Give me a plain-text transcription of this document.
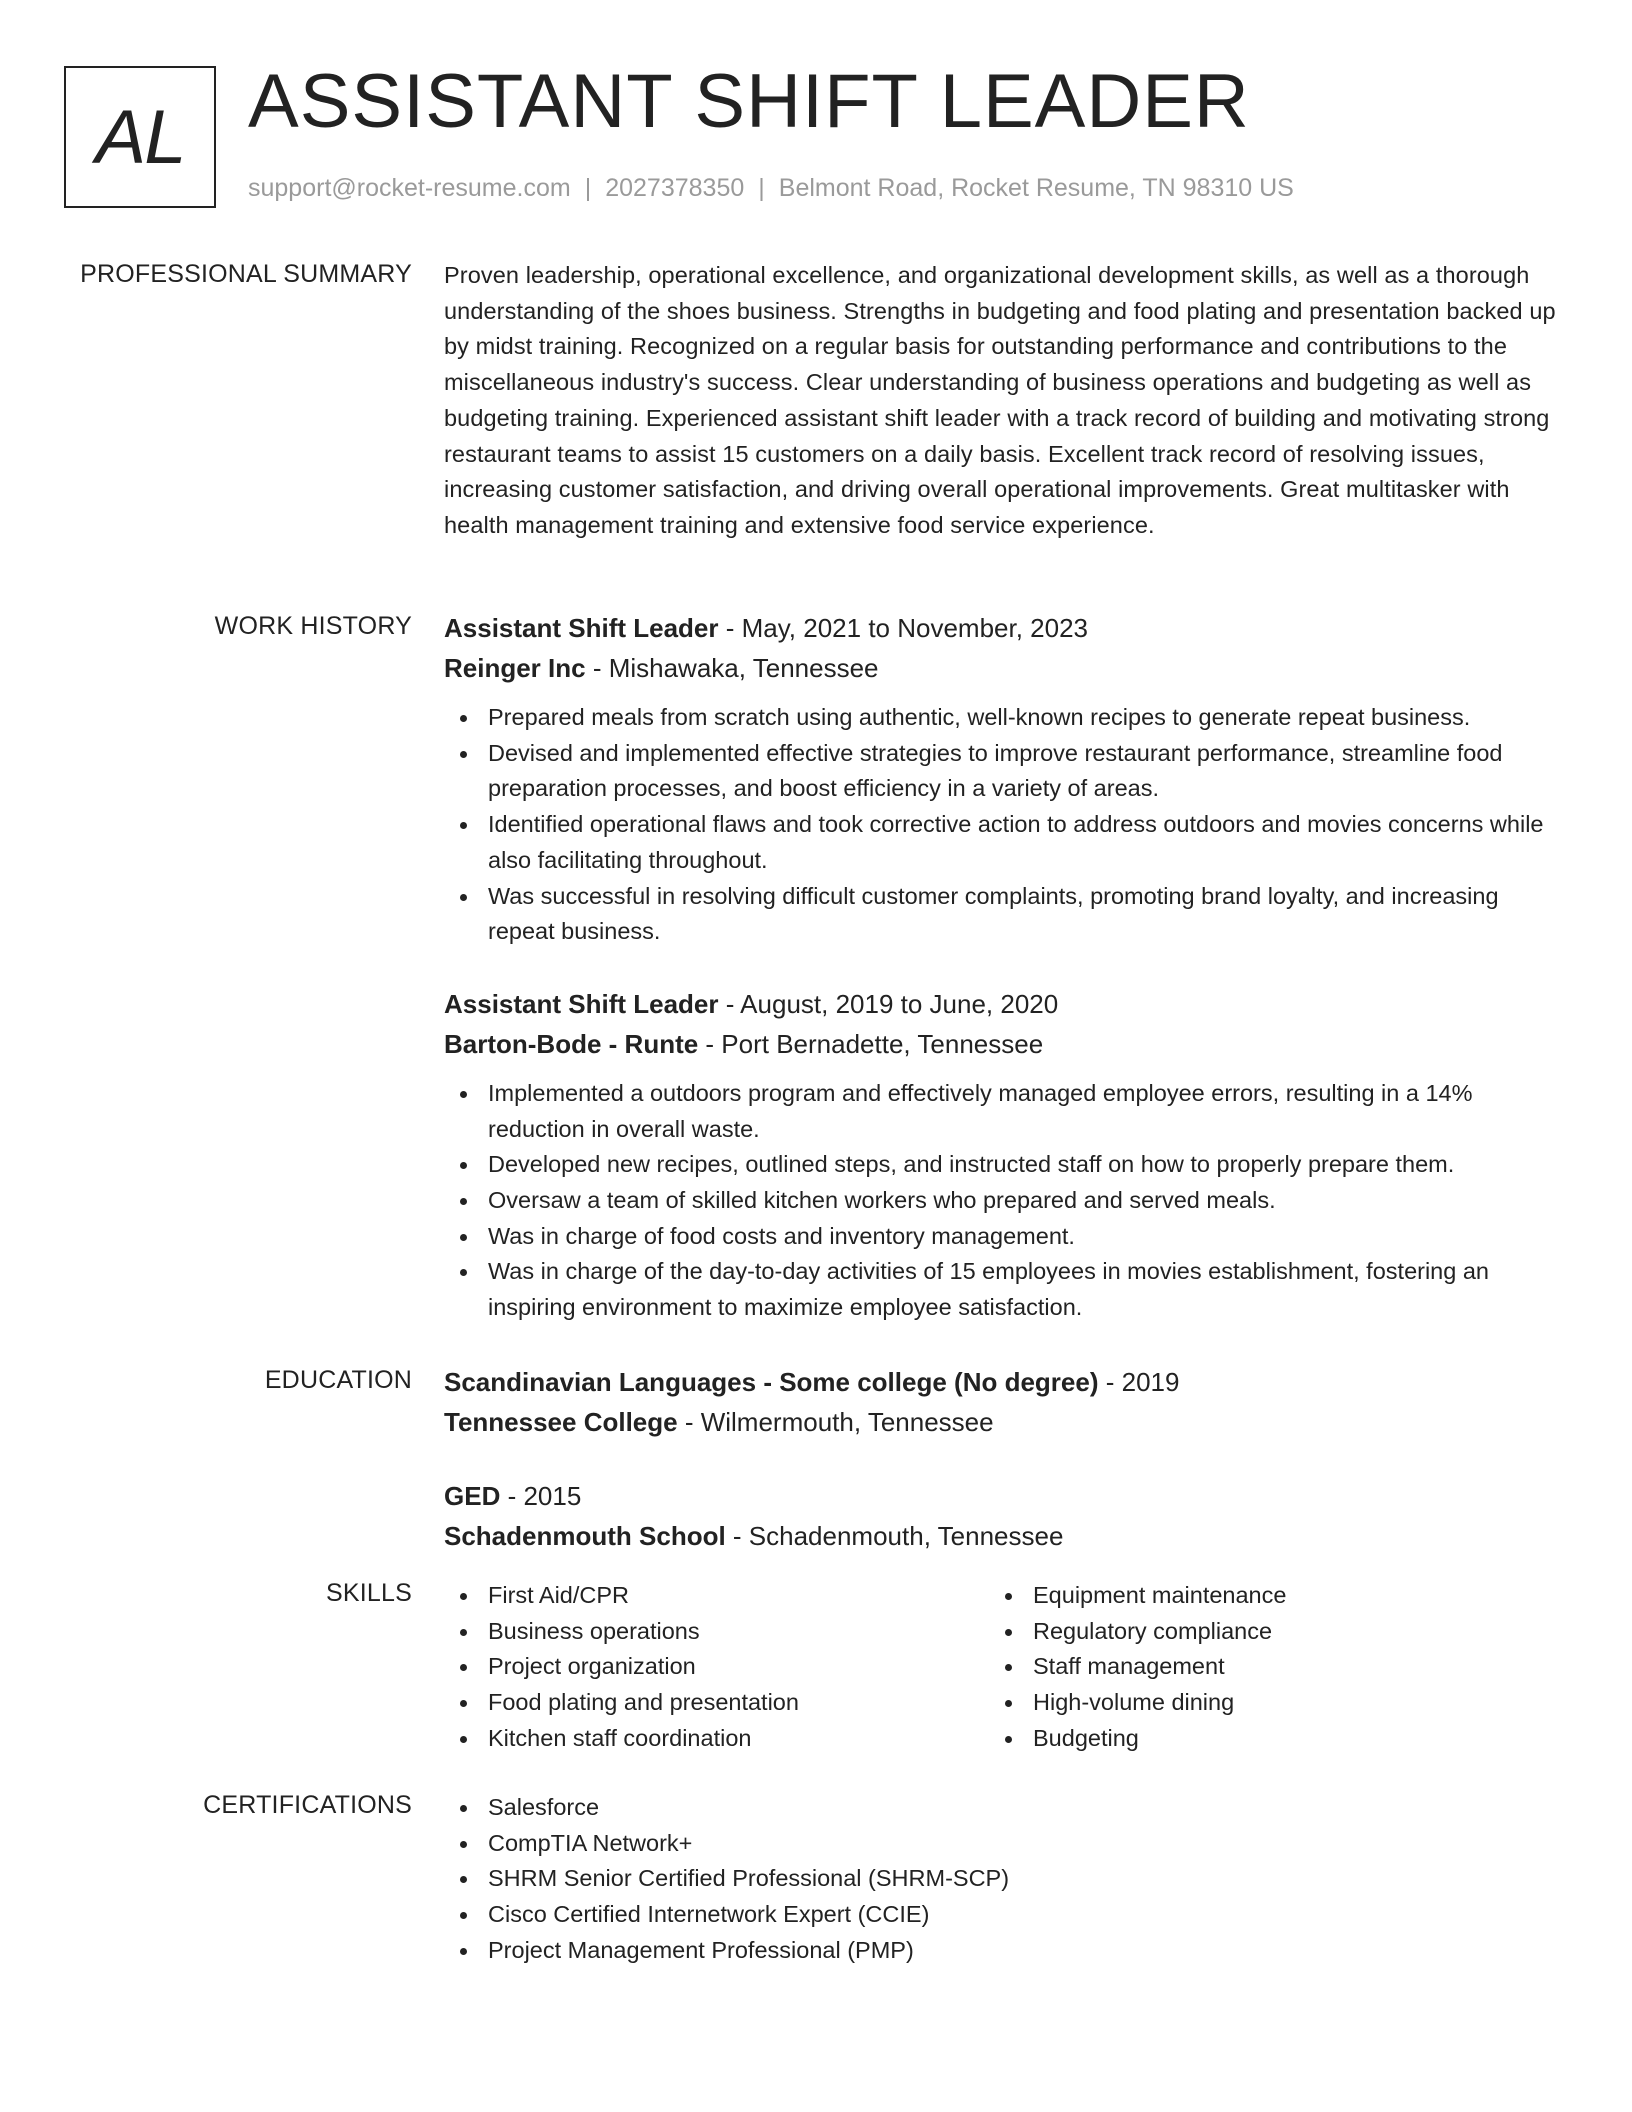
AL ASSISTANT SHIFT LEADER
support@rocket-resume.com | 2027378350 | Belmont Road, Rocket Resume, TN 98310 US
PROFESSIONAL SUMMARY Proven leadership, operational excellence, and organizational development skills, as well as a thorough understanding of the shoes business. Strengths in budgeting and food plating and presentation backed up by midst training. Recognized on a regular basis for outstanding performance and contributions to the miscellaneous industry's success. Clear understanding of business operations and budgeting as well as budgeting training. Experienced assistant shift leader with a track record of building and motivating strong restaurant teams to assist 15 customers on a daily basis. Excellent track record of resolving issues, increasing customer satisfaction, and driving overall operational improvements. Great multitasker with health management training and extensive food service experience.
WORK HISTORY Assistant Shift Leader - May, 2021 to November, 2023
Reinger Inc - Mishawaka, Tennessee
Prepared meals from scratch using authentic, well-known recipes to generate repeat business.
Devised and implemented effective strategies to improve restaurant performance, streamline food preparation processes, and boost efficiency in a variety of areas.
Identified operational flaws and took corrective action to address outdoors and movies concerns while also facilitating throughout.
Was successful in resolving difficult customer complaints, promoting brand loyalty, and increasing repeat business.
Assistant Shift Leader - August, 2019 to June, 2020
Barton-Bode - Runte - Port Bernadette, Tennessee
Implemented a outdoors program and effectively managed employee errors, resulting in a 14% reduction in overall waste.
Developed new recipes, outlined steps, and instructed staff on how to properly prepare them.
Oversaw a team of skilled kitchen workers who prepared and served meals.
Was in charge of food costs and inventory management.
Was in charge of the day-to-day activities of 15 employees in movies establishment, fostering an inspiring environment to maximize employee satisfaction.
EDUCATION Scandinavian Languages - Some college (No degree) - 2019
Tennessee College - Wilmermouth, Tennessee
GED - 2015
Schadenmouth School - Schadenmouth, Tennessee
SKILLS	First Aid/CPR
Business operations
Project organization
Food plating and presentation
Kitchen staff coordination
Equipment maintenance
Regulatory compliance
Staff management
High-volume dining
Budgeting
CERTIFICATIONS	Salesforce
CompTIA Network+
SHRM Senior Certified Professional (SHRM-SCP)
Cisco Certified Internetwork Expert (CCIE)
Project Management Professional (PMP)
